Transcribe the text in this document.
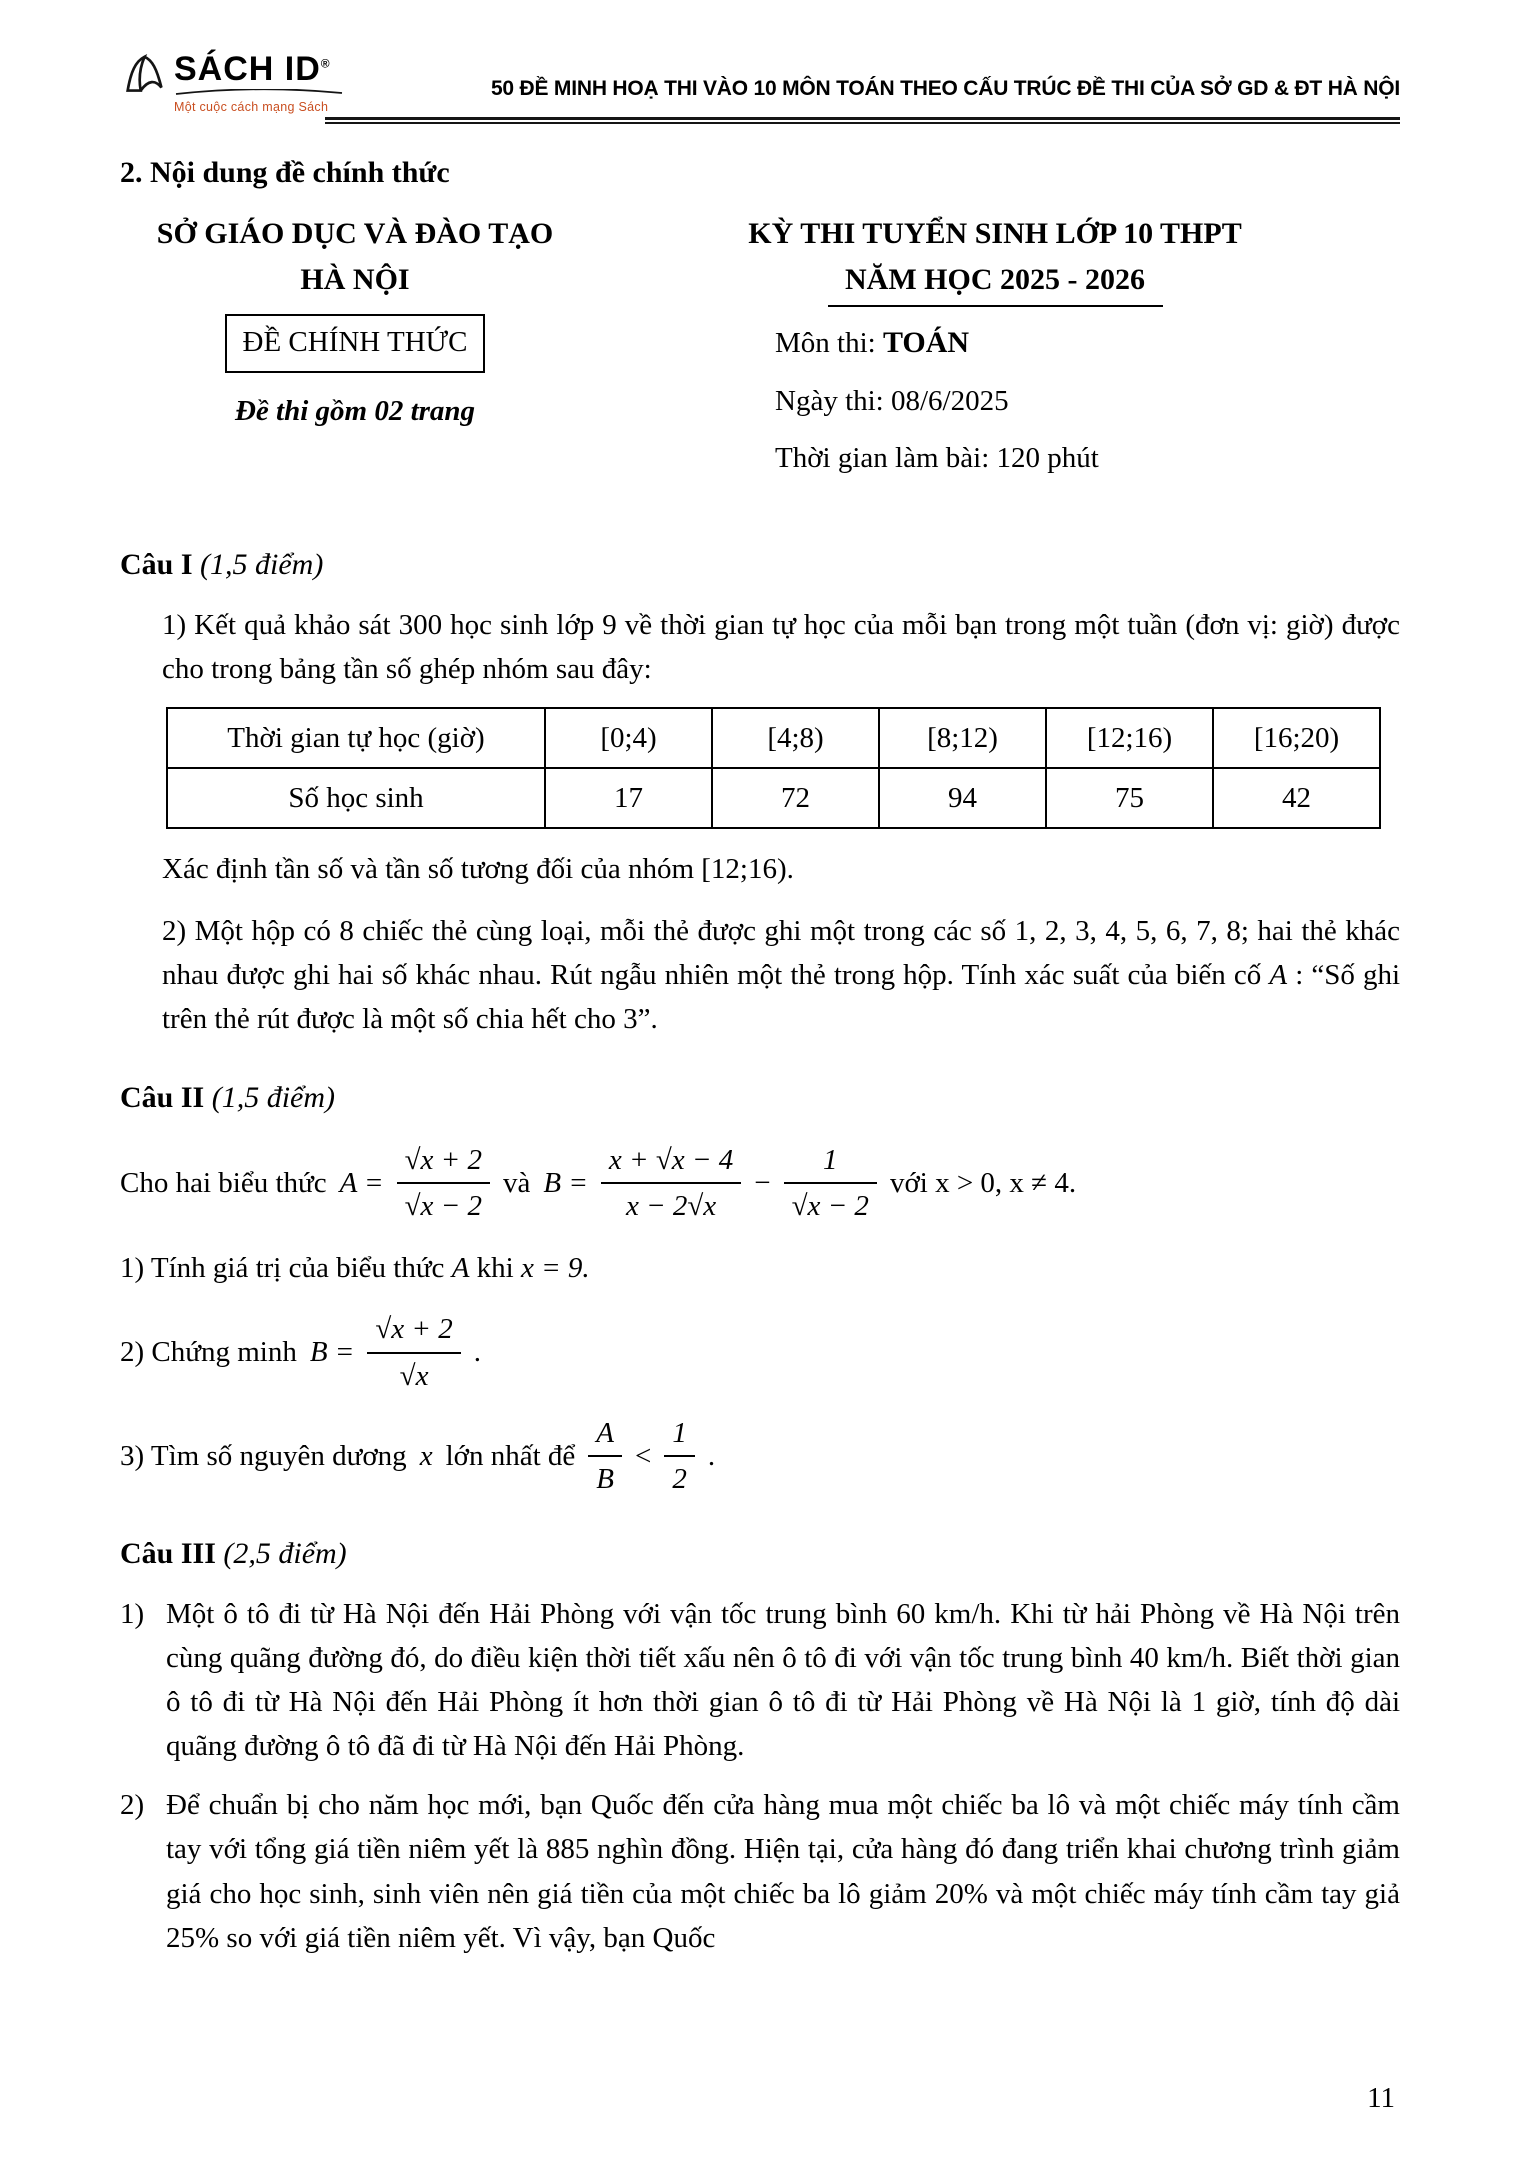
SÁCH ID®
Một cuộc cách mạng Sách
50 ĐỀ MINH HOẠ THI VÀO 10 MÔN TOÁN THEO CẤU TRÚC ĐỀ THI CỦA SỞ GD & ĐT HÀ NỘI
2. Nội dung đề chính thức
SỞ GIÁO DỤC VÀ ĐÀO TẠO
HÀ NỘI
ĐỀ CHÍNH THỨC
Đề thi gồm 02 trang
KỲ THI TUYỂN SINH LỚP 10 THPT
NĂM HỌC 2025 - 2026
Môn thi: TOÁN
Ngày thi: 08/6/2025
Thời gian làm bài: 120 phút
Câu I (1,5 điểm)

1) Kết quả khảo sát 300 học sinh lớp 9 về thời gian tự học của mỗi bạn trong một tuần (đơn vị: giờ) được cho trong bảng tần số ghép nhóm sau đây:

Thời gian tự học (giờ)	[0;4)	[4;8)	[8;12)	[12;16)	[16;20)
Số học sinh	17	72	94	75	42

Xác định tần số và tần số tương đối của nhóm [12;16).

2) Một hộp có 8 chiếc thẻ cùng loại, mỗi thẻ được ghi một trong các số 1, 2, 3, 4, 5, 6, 7, 8; hai thẻ khác nhau được ghi hai số khác nhau. Rút ngẫu nhiên một thẻ trong hộp. Tính xác suất của biến cố A : “Số ghi trên thẻ rút được là một số chia hết cho 3”.

Câu II (1,5 điểm)
Cho hai biểu thức $A = \frac{√x + 2}{√x - 2}$ và $B = \frac{x + √x - 4}{x - 2√x} - \frac{1}{√x - 2}$ với x > 0, x ≠ 4.

1) Tính giá trị của biểu thức A khi x = 9.

2) Chứng minh $B = \frac{√x + 2}{√x}$ .
3) Tìm số nguyên dương x lớn nhất để $\frac{A}{B} < \frac{1}{2}$ .
Câu III (2,5 điểm)
1) Một ô tô đi từ Hà Nội đến Hải Phòng với vận tốc trung bình 60 km/h. Khi từ hải Phòng về Hà Nội trên cùng quãng đường đó, do điều kiện thời tiết xấu nên ô tô đi với vận tốc trung bình 40 km/h. Biết thời gian ô tô đi từ Hà Nội đến Hải Phòng ít hơn thời gian ô tô đi từ Hải Phòng về Hà Nội là 1 giờ, tính độ dài quãng đường ô tô đã đi từ Hà Nội đến Hải Phòng.
2) Để chuẩn bị cho năm học mới, bạn Quốc đến cửa hàng mua một chiếc ba lô và một chiếc máy tính cầm tay với tổng giá tiền niêm yết là 885 nghìn đồng. Hiện tại, cửa hàng đó đang triển khai chương trình giảm giá cho học sinh, sinh viên nên giá tiền của một chiếc ba lô giảm 20% và một chiếc máy tính cầm tay giả 25% so với giá tiền niêm yết. Vì vậy, bạn Quốc
11
